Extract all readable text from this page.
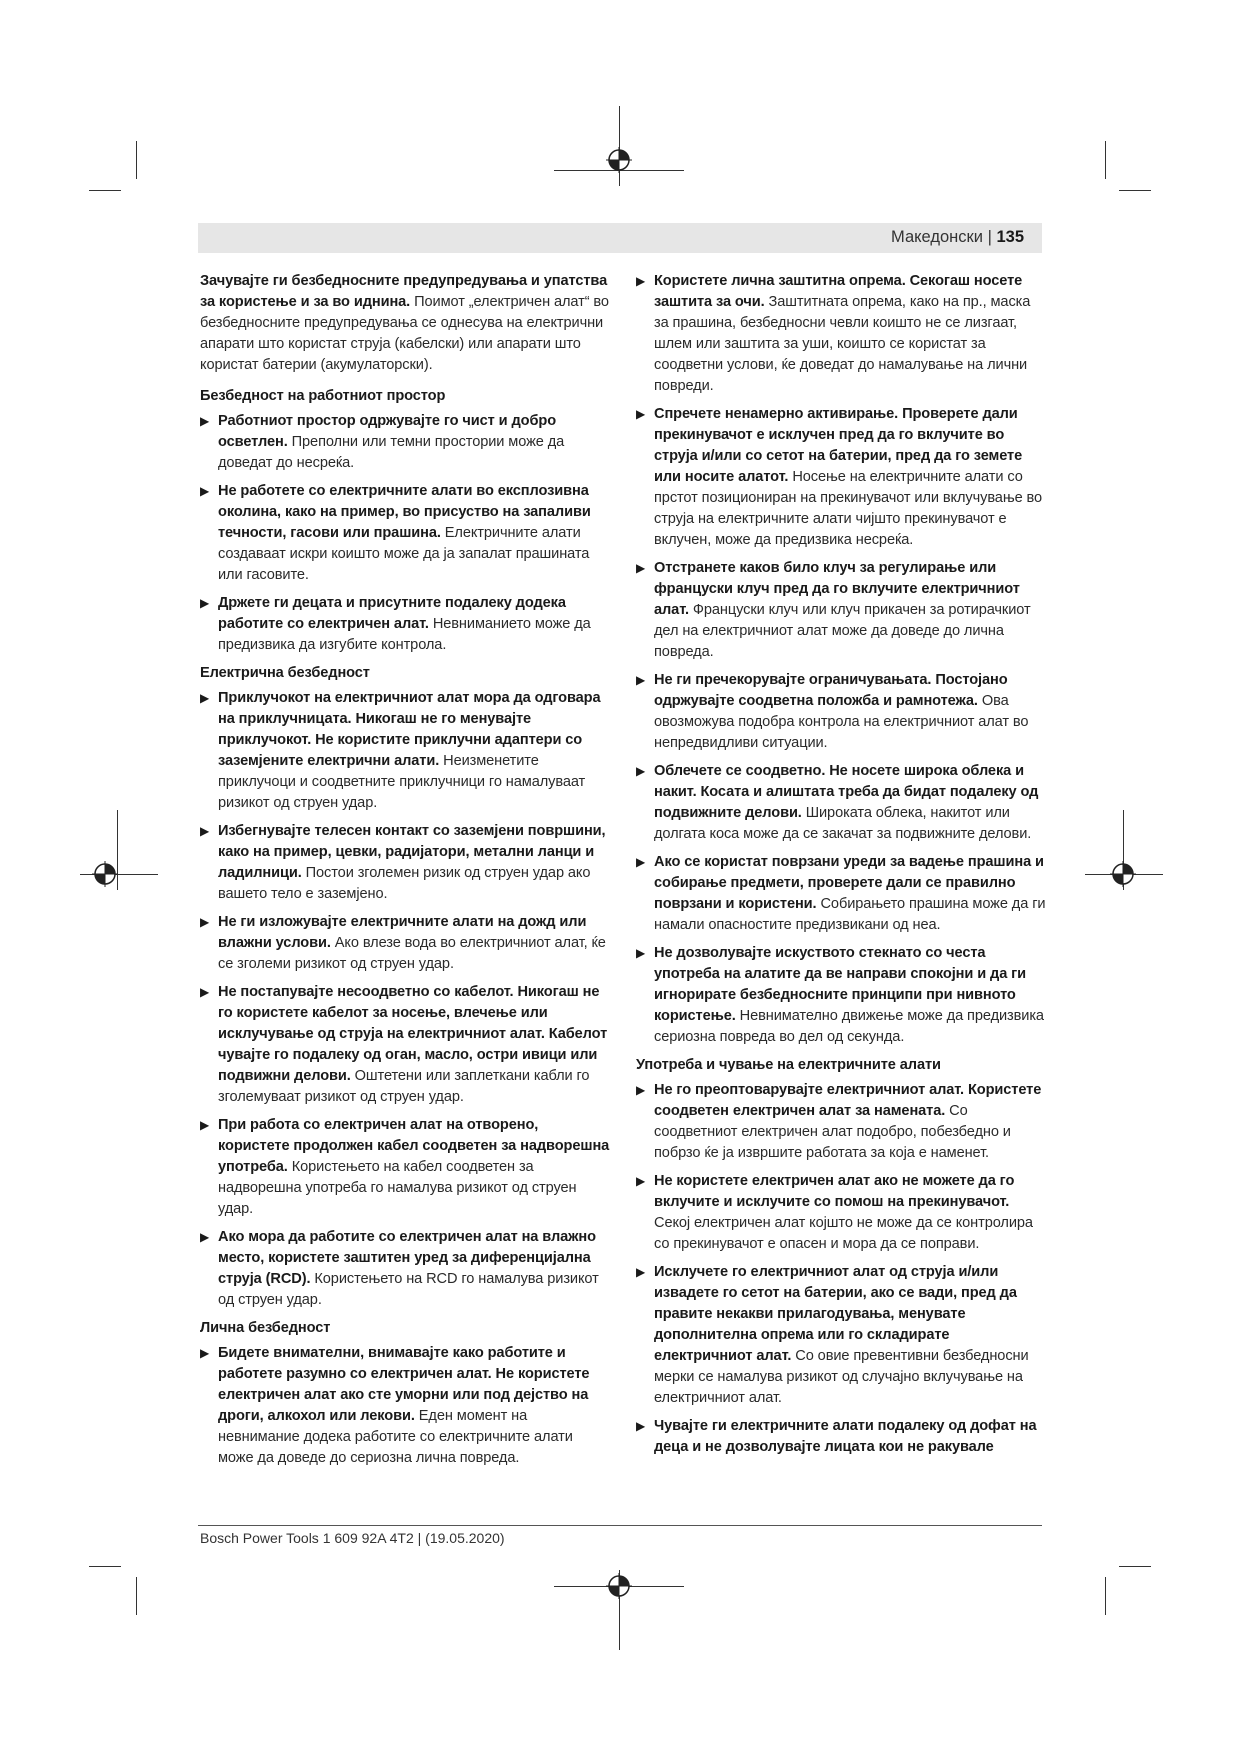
Македонски | 135

Зачувајте ги безбедносните предупредувања и упатства за користење и за во иднина. Поимот „електричен алат“ во безбедносните предупредувања се однесува на електрични апарати што користат струја (кабелски) или апарати што користат батерии (акумулаторски).

Безбедност на работниот простор
▶ Работниот простор одржувајте го чист и добро осветлен. Преполни или темни простории може да доведат до несреќа.
▶ Не работете со електричните алати во експлозивна околина, како на пример, во присуство на запаливи течности, гасови или прашина. Електричните алати создаваат искри коишто може да ја запалат прашината или гасовите.
▶ Држете ги децата и присутните подалеку додека работите со електричен алат. Невниманието може да предизвика да изгубите контрола.
Електрична безбедност
▶ Приклучокот на електричниот алат мора да одговара на приклучницата. Никогаш не го менувајте приклучокот. Не користите приклучни адаптери со заземјените електрични алати. Неизменетите приклучоци и соодветните приклучници го намалуваат ризикот од струен удар.
▶ Избегнувајте телесен контакт со заземјени површини, како на пример, цевки, радијатори, метални ланци и ладилници. Постои зголемен ризик од струен удар ако вашето тело е заземјено.
▶ Не ги изложувајте електричните алати на дожд или влажни услови. Ако влезе вода во електричниот алат, ќе се зголеми ризикот од струен удар.
▶ Не постапувајте несоодветно со кабелот. Никогаш не го користете кабелот за носење, влечење или исклучување од струја на електричниот алат. Кабелот чувајте го подалеку од оган, масло, остри ивици или подвижни делови. Оштетени или заплеткани кабли го зголемуваат ризикот од струен удар.
▶ При работа со електричен алат на отворено, користете продолжен кабел соодветен за надворешна употреба. Користењето на кабел соодветен за надворешна употреба го намалува ризикот од струен удар.
▶ Ако мора да работите со електричен алат на влажно место, користете заштитен уред за диференцијална струја (RCD). Користењето на RCD го намалува ризикот од струен удар.
Лична безбедност
▶ Бидете внимателни, внимавајте како работите и работете разумно со електричен алат. Не користете електричен алат ако сте уморни или под дејство на дроги, алкохол или лекови. Еден момент на невнимание додека работите со електричните алати може да доведе до сериозна лична повреда.
▶ Користете лична заштитна опрема. Секогаш носете заштита за очи. Заштитната опрема, како на пр., маска за прашина, безбедносни чевли коишто не се лизгаат, шлем или заштита за уши, коишто се користат за соодветни услови, ќе доведат до намалување на лични повреди.
▶ Спречете ненамерно активирање. Проверете дали прекинувачот е исклучен пред да го вклучите во струја и/или со сетот на батерии, пред да го земете или носите алатот. Носење на електричните алати со прстот позициониран на прекинувачот или вклучување во струја на електричните алати чијшто прекинувачот е вклучен, може да предизвика несреќа.
▶ Отстранете каков било клуч за регулирање или француски клуч пред да го вклучите електричниот алат. Француски клуч или клуч прикачен за ротирачкиот дел на електричниот алат може да доведе до лична повреда.
▶ Не ги пречекорувајте ограничувањата. Постојано одржувајте соодветна положба и рамнотежа. Ова овозможува подобра контрола на електричниот алат во непредвидливи ситуации.
▶ Облечете се соодветно. Не носете широка облека и накит. Косата и алиштата треба да бидат подалеку од подвижните делови. Широката облека, накитот или долгата коса може да се закачат за подвижните делови.
▶ Ако се користат поврзани уреди за вадење прашина и собирање предмети, проверете дали се правилно поврзани и користени. Собирањето прашина може да ги намали опасностите предизвикани од неа.
▶ Не дозволувајте искуството стекнато со честа употреба на алатите да ве направи спокојни и да ги игнорирате безбедносните принципи при нивното користење. Невнимателно движење може да предизвика сериозна повреда во дел од секунда.
Употреба и чување на електричните алати
▶ Не го преоптоварувајте електричниот алат. Користете соодветен електричен алат за намената. Со соодветниот електричен алат подобро, побезбедно и побрзо ќе ја извршите работата за која е наменет.
▶ Не користете електричен алат ако не можете да го вклучите и исклучите со помош на прекинувачот. Секој електричен алат којшто не може да се контролира со прекинувачот е опасен и мора да се поправи.
▶ Исклучете го електричниот алат од струја и/или извадете го сетот на батерии, ако се вади, пред да правите некакви прилагодувања, менувате дополнителна опрема или го складирате електричниот алат. Со овие превентивни безбедносни мерки се намалува ризикот од случајно вклучување на електричниот алат.
▶ Чувајте ги електричните алати подалеку од дофат на деца и не дозволувајте лицата кои не ракувале
Bosch Power Tools 1 609 92A 4T2 | (19.05.2020)
